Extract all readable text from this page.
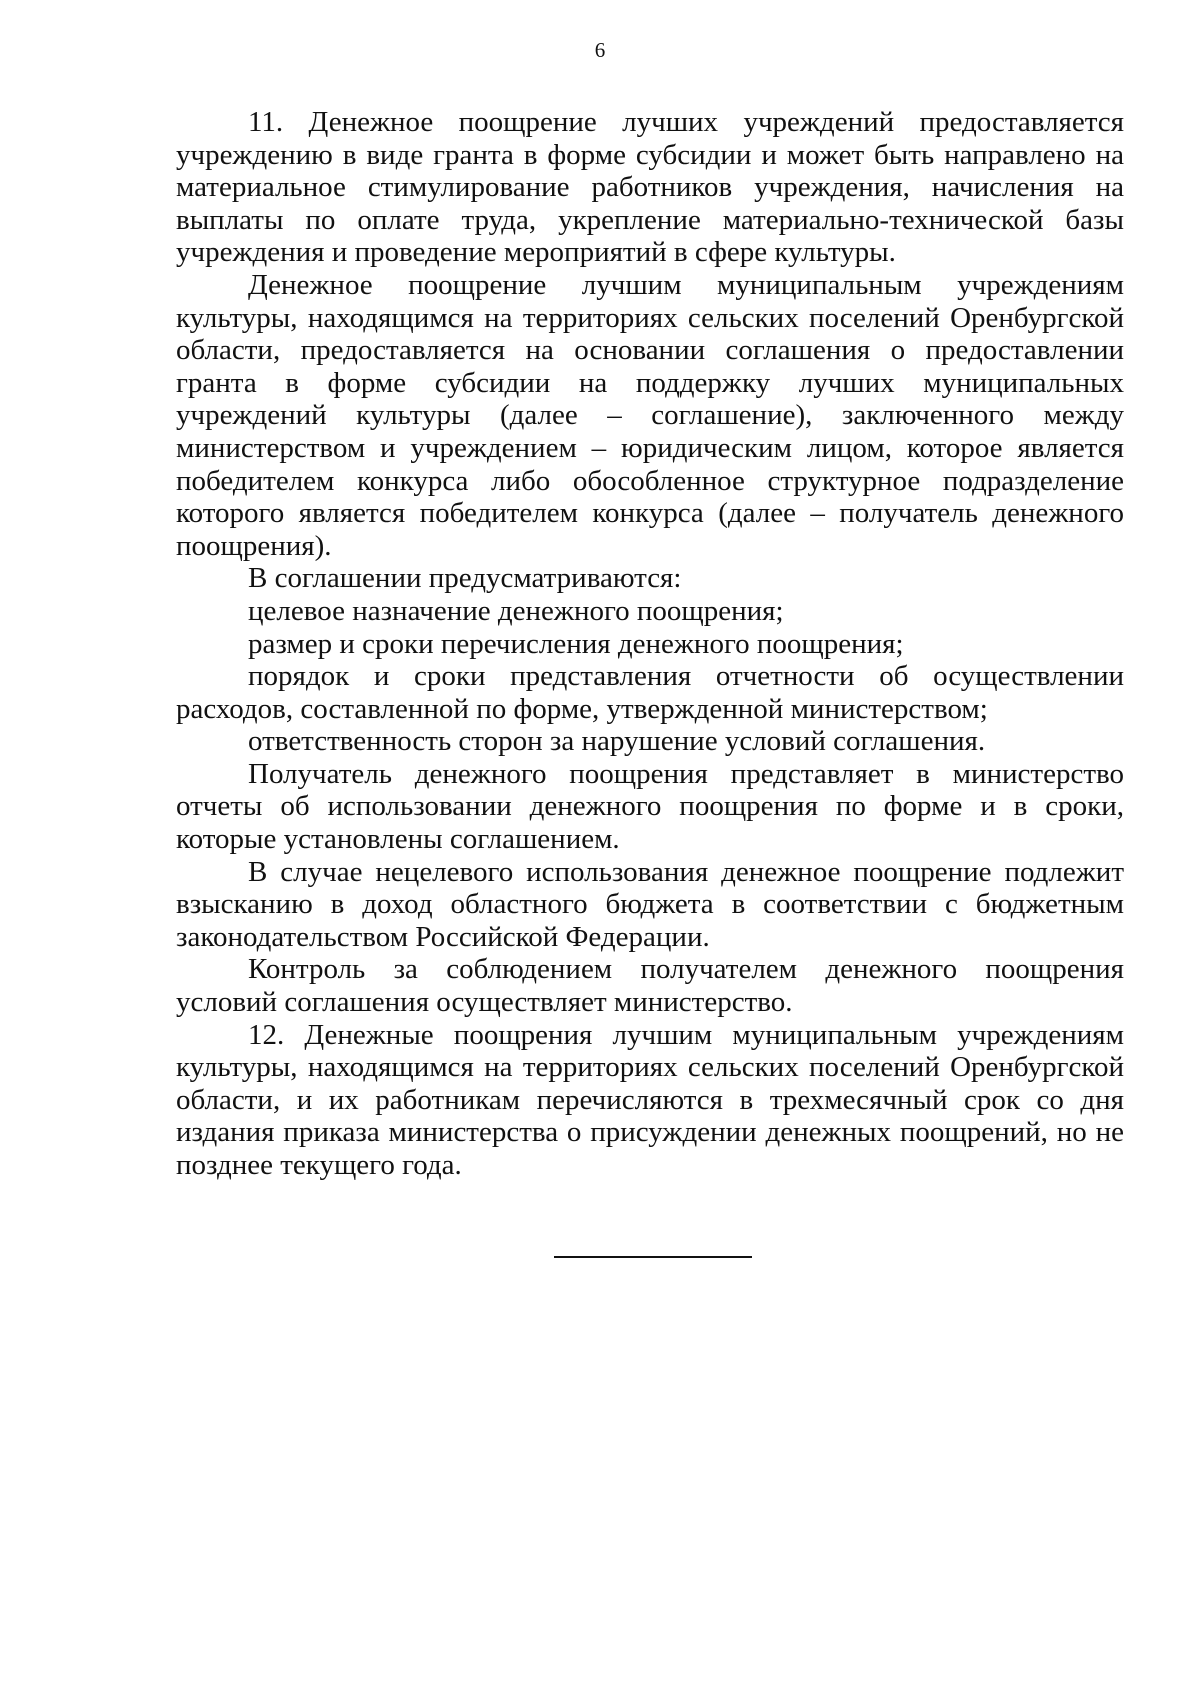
6

11. Денежное поощрение лучших учреждений предоставляется учреждению в виде гранта в форме субсидии и может быть направлено на материальное стимулирование работников учреждения, начисления на выплаты по оплате труда, укрепление материально-технической базы учреждения и проведение мероприятий в сфере культуры.

Денежное поощрение лучшим муниципальным учреждениям культуры, находящимся на территориях сельских поселений Оренбургской области, предоставляется на основании соглашения о предоставлении гранта в форме субсидии на поддержку лучших муниципальных учреждений культуры (далее – соглашение), заключенного между министерством и учреждением – юридическим лицом, которое является победителем конкурса либо обособленное структурное подразделение которого является победителем конкурса (далее – получатель денежного поощрения).

В соглашении предусматриваются:

целевое назначение денежного поощрения;

размер и сроки перечисления денежного поощрения;

порядок и сроки представления отчетности об осуществлении расходов, составленной по форме, утвержденной министерством;

ответственность сторон за нарушение условий соглашения.

Получатель денежного поощрения представляет в министерство отчеты об использовании денежного поощрения по форме и в сроки, которые установлены соглашением.

В случае нецелевого использования денежное поощрение подлежит взысканию в доход областного бюджета в соответствии с бюджетным законодательством Российской Федерации.

Контроль за соблюдением получателем денежного поощрения условий соглашения осуществляет министерство.

12. Денежные поощрения лучшим муниципальным учреждениям культуры, находящимся на территориях сельских поселений Оренбургской области, и их работникам перечисляются в трехмесячный срок со дня издания приказа министерства о присуждении денежных поощрений, но не позднее текущего года.
